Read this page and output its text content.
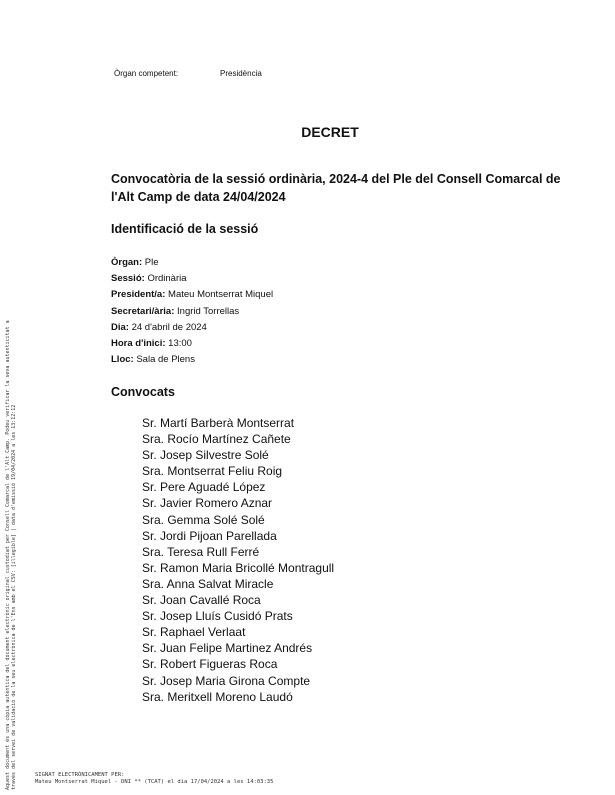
Òrgan competent:	Presidència
DECRET
Convocatòria de la sessió ordinària, 2024-4 del Ple del Consell Comarcal de l'Alt Camp de data 24/04/2024
Identificació de la sessió
Òrgan: Ple
Sessió: Ordinària
President/a: Mateu Montserrat Miquel
Secretari/ària: Ingrid Torrellas
Dia: 24 d'abril de 2024
Hora d'inici: 13:00
Lloc: Sala de Plens
Convocats
Sr. Martí Barberà Montserrat
Sra. Rocío Martínez Cañete
Sr. Josep Silvestre Solé
Sra. Montserrat Feliu Roig
Sr. Pere Aguadé López
Sr. Javier Romero Aznar
Sra. Gemma Solé Solé
Sr. Jordi Pijoan Parellada
Sra. Teresa Rull Ferré
Sr. Ramon Maria Bricollé Montragull
Sra. Anna Salvat Miracle
Sr. Joan Cavallé Roca
Sr. Josep Lluís Cusidó Prats
Sr. Raphael Verlaat
Sr. Juan Felipe Martinez Andrés
Sr. Robert Figueras Roca
Sr. Josep Maria Girona Compte
Sra. Meritxell Moreno Laudó
Aquest document és una còpia autèntica del document electrònic original custodiat per Consell Comarcal de l'Alt Camp. Podeu verificar la seva autenticitat a través del servei de validació de la seu electrònica de l'Ens amb el CSV: [illegible] | data d'emissió 19/04/2024 a les 13:12:12	SIGNAT ELECTRÒNICAMENT PER:
Mateu Montserrat Miquel - DNI ** (TCAT) el dia 17/04/2024 a les 14:03:35
